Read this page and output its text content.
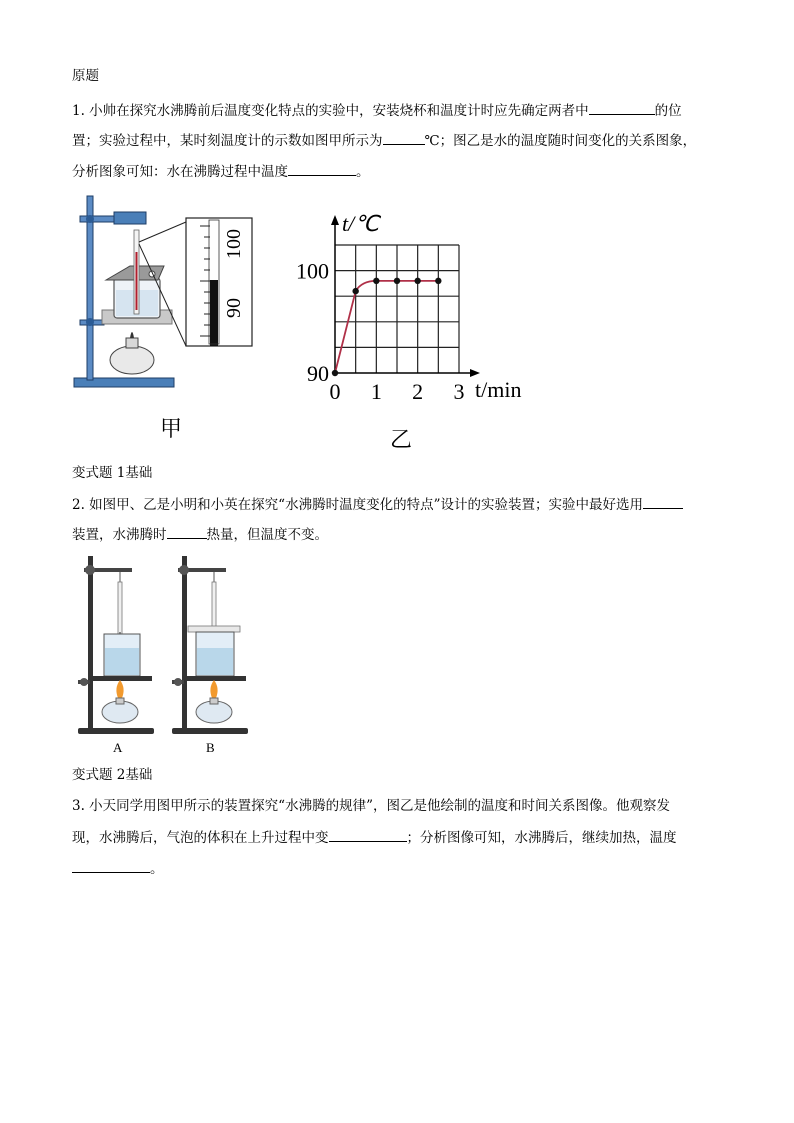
原题
1. 小帅在探究水沸腾前后温度变化特点的实验中，安装烧杯和温度计时应先确定两者中	的位
置；实验过程中，某时刻温度计的示数如图甲所示为	℃；图乙是水的温度随时间变化的关系图象，
分析图象可知：水在沸腾过程中温度	。
100
90
甲
0 1 2 3
100
90
t/℃
t/min
乙
变式题 1基础
2. 如图甲、乙是小明和小英在探究“水沸腾时温度变化的特点”设计的实验装置；实验中最好选用
装置，水沸腾时	热量，但温度不变。
A	B
变式题 2基础
3. 小天同学用图甲所示的装置探究“水沸腾的规律”，图乙是他绘制的温度和时间关系图像。他观察发
现，水沸腾后，气泡的体积在上升过程中变	；分析图像可知，水沸腾后，继续加热，温度
。
